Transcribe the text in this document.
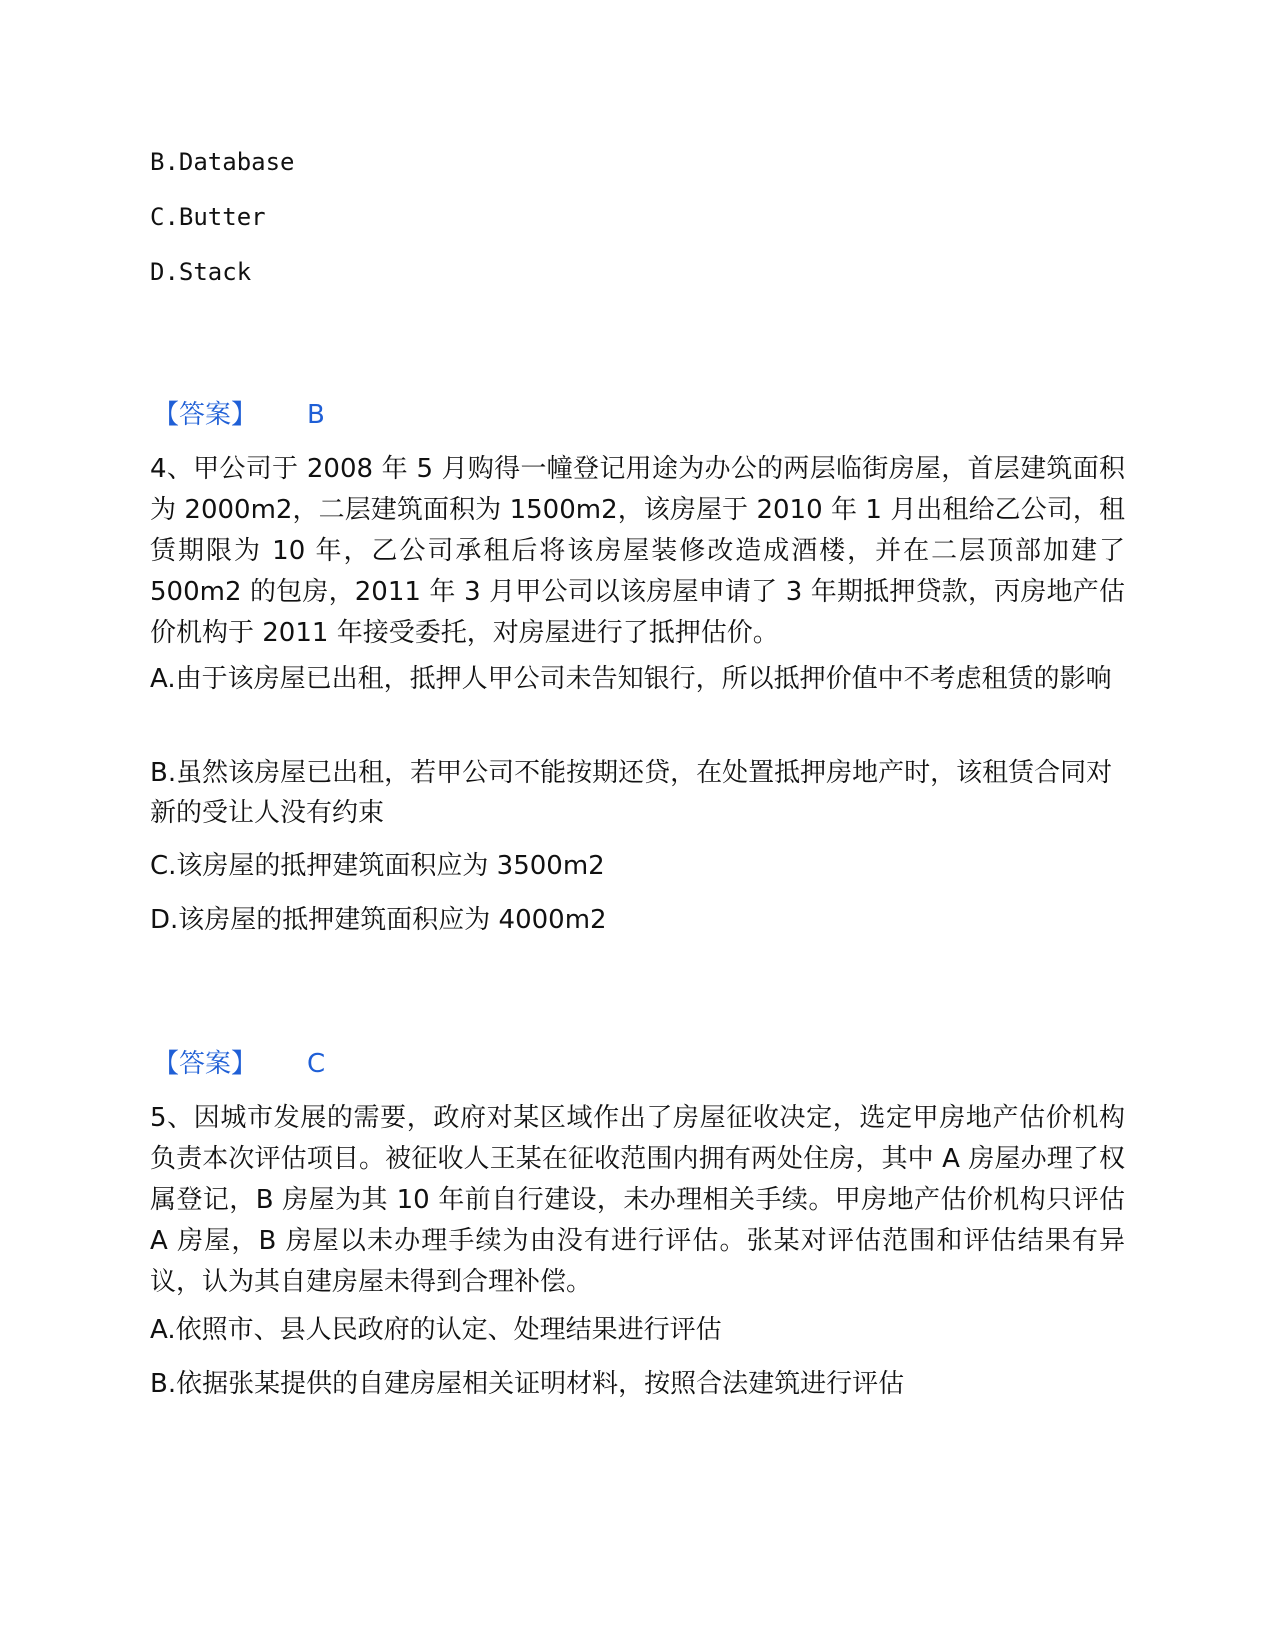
B.Database
C.Butter
D.Stack
【答案】 B
4、甲公司于 2008 年 5 月购得一幢登记用途为办公的两层临街房屋，首层建筑面积为 2000m2，二层建筑面积为 1500m2，该房屋于 2010 年 1 月出租给乙公司，租赁期限为 10 年，乙公司承租后将该房屋装修改造成酒楼，并在二层顶部加建了 500m2 的包房，2011 年 3 月甲公司以该房屋申请了 3 年期抵押贷款，丙房地产估价机构于 2011 年接受委托，对房屋进行了抵押估价。
A.由于该房屋已出租，抵押人甲公司未告知银行，所以抵押价值中不考虑租赁的影响
B.虽然该房屋已出租，若甲公司不能按期还贷，在处置抵押房地产时，该租赁合同对新的受让人没有约束
C.该房屋的抵押建筑面积应为 3500m2
D.该房屋的抵押建筑面积应为 4000m2
【答案】 C
5、因城市发展的需要，政府对某区域作出了房屋征收决定，选定甲房地产估价机构负责本次评估项目。被征收人王某在征收范围内拥有两处住房，其中 A 房屋办理了权属登记，B 房屋为其 10 年前自行建设，未办理相关手续。甲房地产估价机构只评估 A 房屋，B 房屋以未办理手续为由没有进行评估。张某对评估范围和评估结果有异议，认为其自建房屋未得到合理补偿。
A.依照市、县人民政府的认定、处理结果进行评估
B.依据张某提供的自建房屋相关证明材料，按照合法建筑进行评估
